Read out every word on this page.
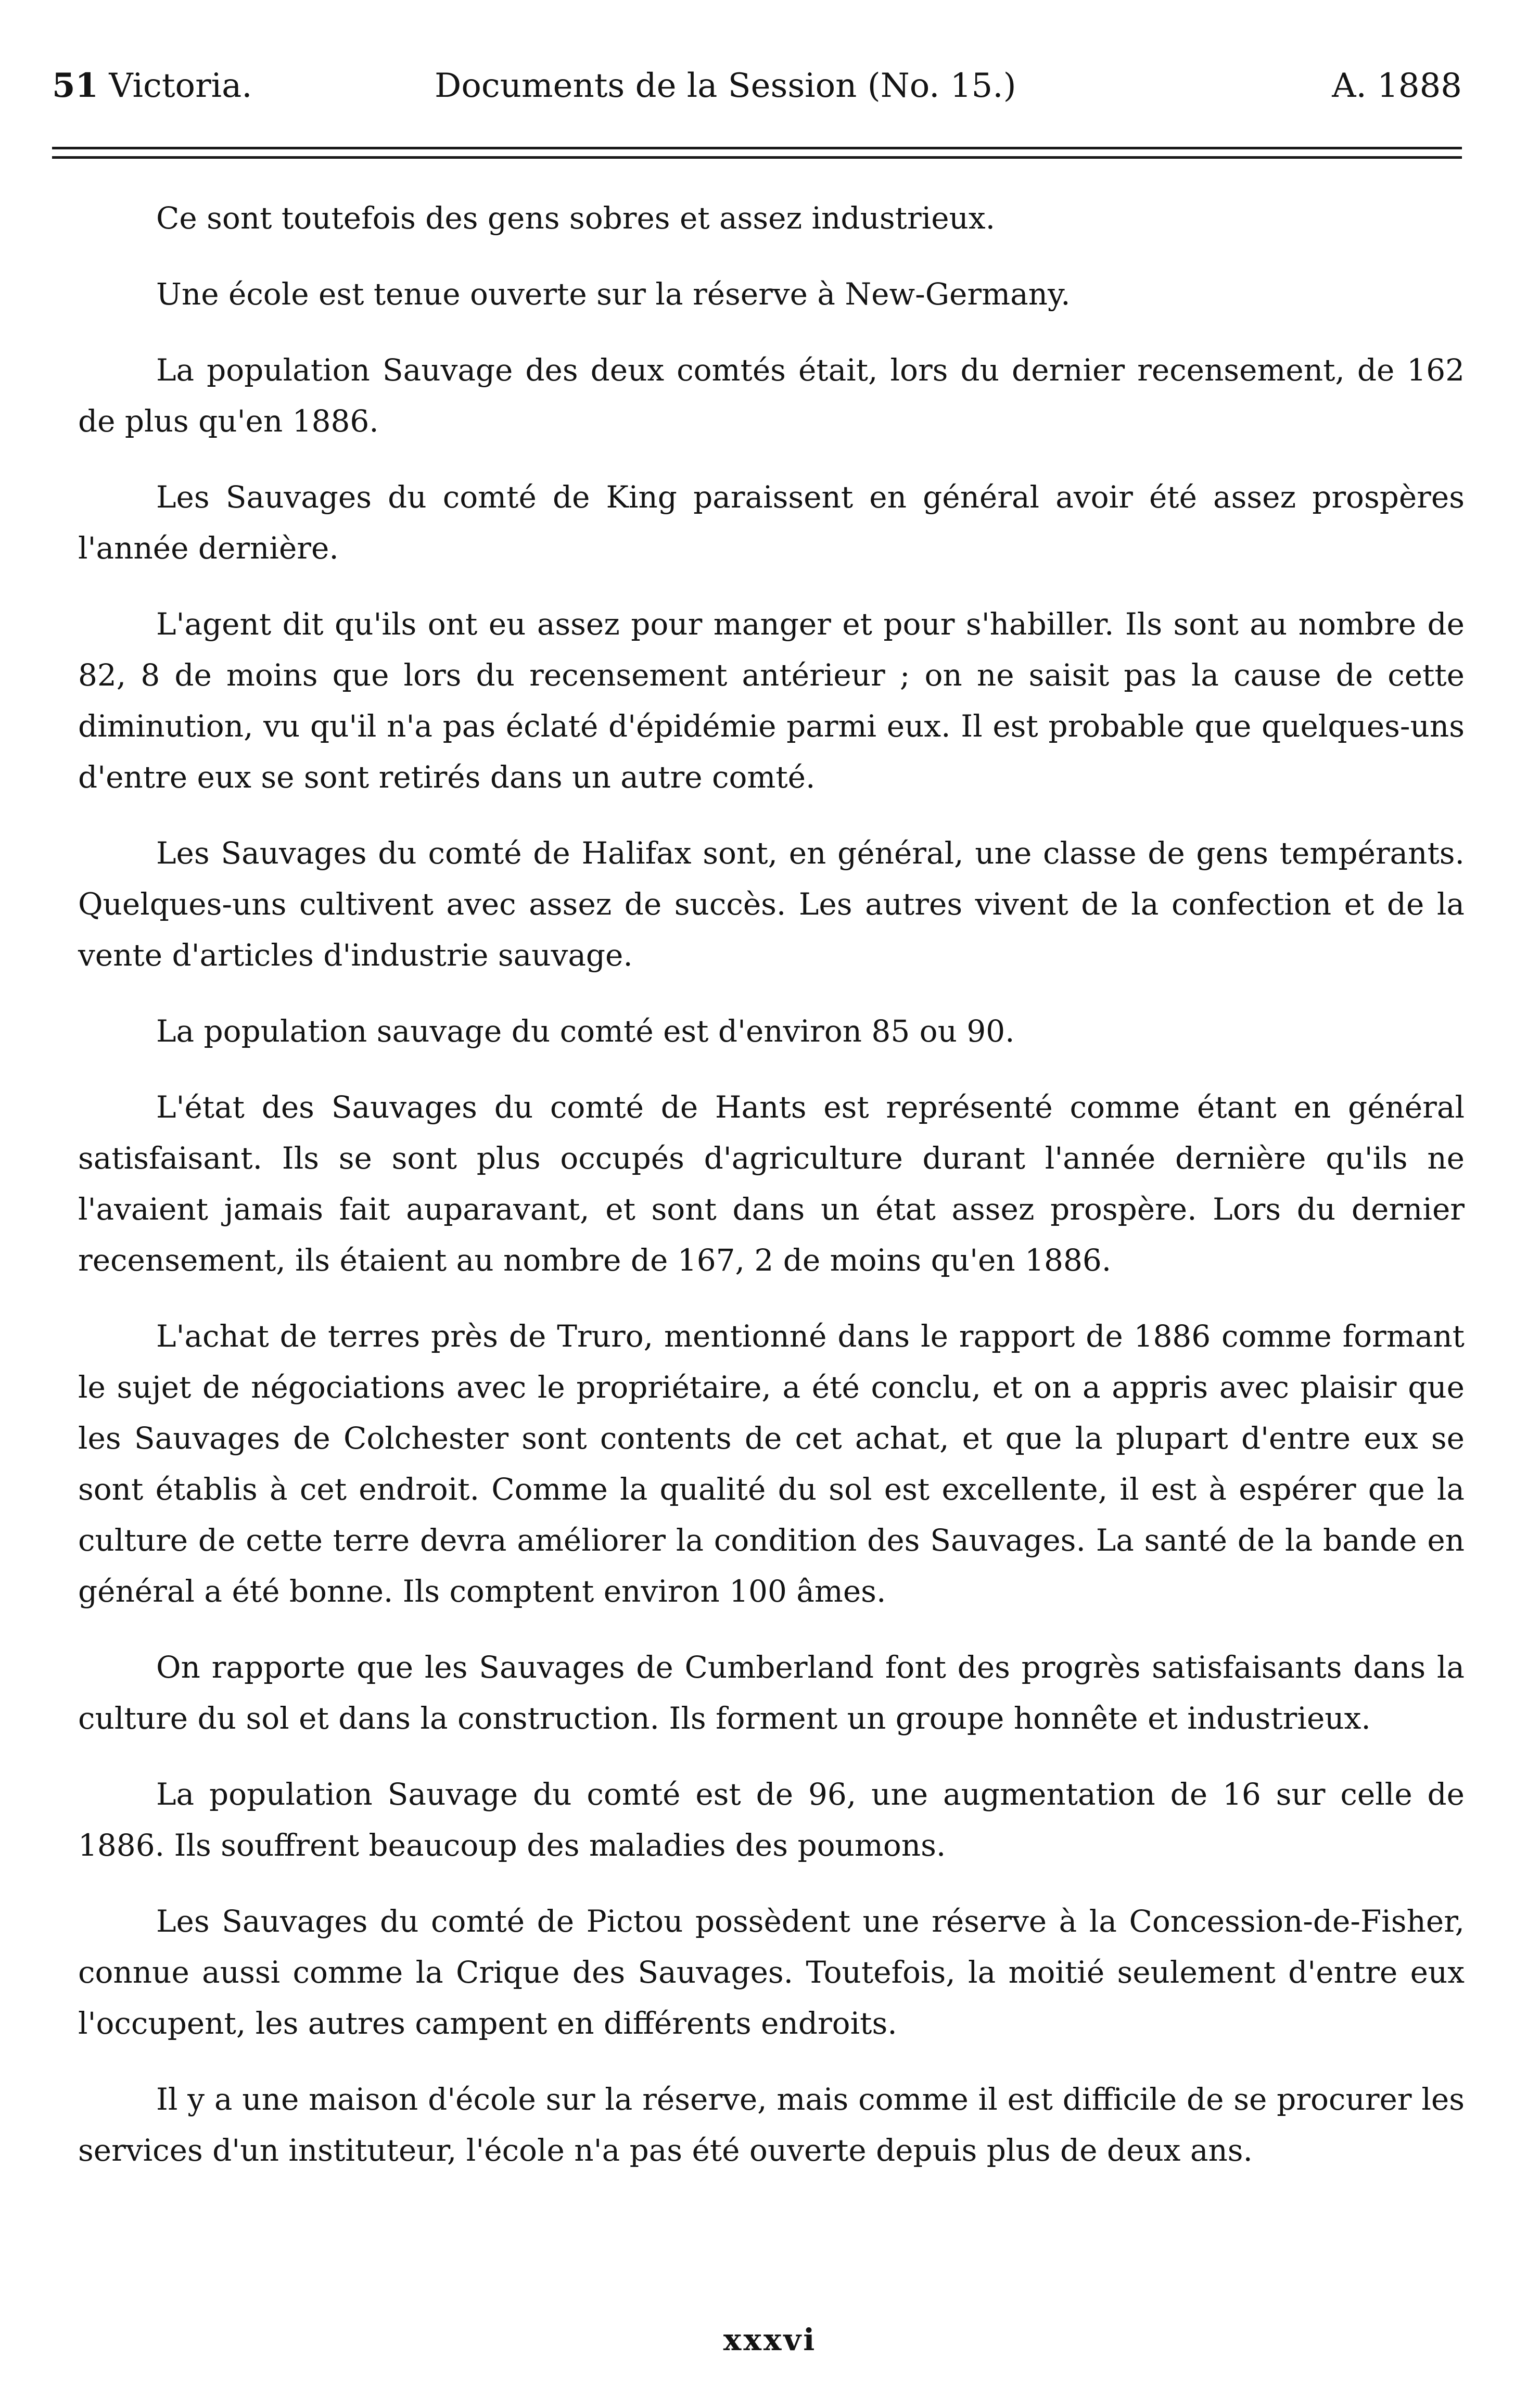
51 Victoria.	Documents de la Session (No. 15.)	A. 1888

Ce sont toutefois des gens sobres et assez industrieux.

Une école est tenue ouverte sur la réserve à New-Germany.

La population Sauvage des deux comtés était, lors du dernier recensement, de 162 de plus qu'en 1886.

Les Sauvages du comté de King paraissent en général avoir été assez prospères l'année dernière.

L'agent dit qu'ils ont eu assez pour manger et pour s'habiller. Ils sont au nombre de 82, 8 de moins que lors du recensement antérieur ; on ne saisit pas la cause de cette diminution, vu qu'il n'a pas éclaté d'épidémie parmi eux. Il est probable que quelques-uns d'entre eux se sont retirés dans un autre comté.

Les Sauvages du comté de Halifax sont, en général, une classe de gens tempérants. Quelques-uns cultivent avec assez de succès. Les autres vivent de la confection et de la vente d'articles d'industrie sauvage.

La population sauvage du comté est d'environ 85 ou 90.

L'état des Sauvages du comté de Hants est représenté comme étant en général satisfaisant. Ils se sont plus occupés d'agriculture durant l'année dernière qu'ils ne l'avaient jamais fait auparavant, et sont dans un état assez prospère. Lors du dernier recensement, ils étaient au nombre de 167, 2 de moins qu'en 1886.

L'achat de terres près de Truro, mentionné dans le rapport de 1886 comme formant le sujet de négociations avec le propriétaire, a été conclu, et on a appris avec plaisir que les Sauvages de Colchester sont contents de cet achat, et que la plupart d'entre eux se sont établis à cet endroit. Comme la qualité du sol est excellente, il est à espérer que la culture de cette terre devra améliorer la condition des Sauvages. La santé de la bande en général a été bonne. Ils comptent environ 100 âmes.

On rapporte que les Sauvages de Cumberland font des progrès satisfaisants dans la culture du sol et dans la construction. Ils forment un groupe honnête et industrieux.

La population Sauvage du comté est de 96, une augmentation de 16 sur celle de 1886. Ils souffrent beaucoup des maladies des poumons.

Les Sauvages du comté de Pictou possèdent une réserve à la Concession-de-Fisher, connue aussi comme la Crique des Sauvages. Toutefois, la moitié seulement d'entre eux l'occupent, les autres campent en différents endroits.

Il y a une maison d'école sur la réserve, mais comme il est difficile de se procurer les services d'un instituteur, l'école n'a pas été ouverte depuis plus de deux ans.

xxxvi
